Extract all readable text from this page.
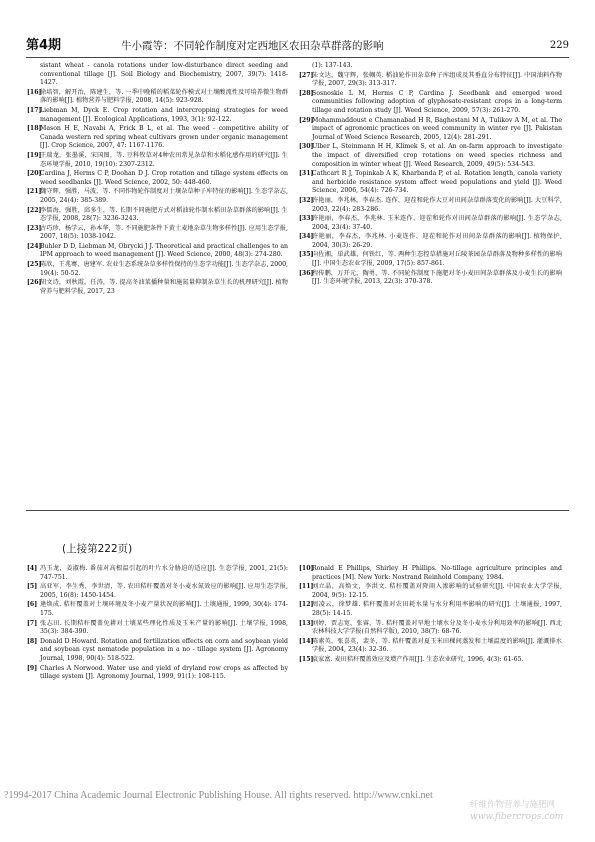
第4期	牛小霞等：不同轮作制度对定西地区农田杂草群落的影响	229
sistant wheat - canola rotations under low-disturbance direct seeding and conventional tillage [J]. Soil Biology and Biochemistry, 2007, 39(7): 1418-1427.
[16]
徐培智，解开治，陈建生，等. 一季中晚稻的稻菜轮作模式对土壤酸流性及可培养微生物群落的影响[J]. 植物营养与肥料学报, 2008, 14(5): 923-928.
[17]
Liebman M, Dyck E. Crop rotation and intercropping strategies for weed management [J]. Ecological Applications, 1993, 3(1): 92-122.
[18]
Mason H E, Navabi A, Frick B L, et al. The weed - competitive ability of Canada western red spring wheat cultivars grown under organic management [J]. Crop Science, 2007, 47: 1167-1176.
[19]
王瑞龙，张墨溪，宋国图，等. 豆科牧草对4种农田常见杂草和水稻化感作用的研究[J]. 生态环境学报, 2010, 19(10): 2307-2312.
[20]
Cardina J, Herms C P, Doohan D J. Crop rotation and tillage system effects on weed seedbanks [J]. Weed Science, 2002, 50: 448-460.
[21]
魏守辉，强胜，马波，等. 不同作物轮作制度对土壤杂草种子库特征的影响[J]. 生态学杂志, 2005, 24(4): 385-389.
[22]
李儒海，强胜，邱多生，等. 长期不同施肥方式对稻油轮作制水稻田杂草群落的影响[J]. 生态学报, 2008, 28(7): 3236-3243.
[23]
古巧珍，杨学云，孙本华，等. 不同施肥条件下黄土麦地杂草生物多样性[J]. 应用生态学报, 2007, 18(5): 1038-1042.
[24]
Buhler D D, Liebman M, Obrycki J J. Theoretical and practical challenges to an IPM approach to weed management [J]. Weed Science, 2000, 48(3): 274-280.
[25]
陈欣，王兆骞，唐建军. 农业生态系统杂草多样性保持的生态学功能[J]. 生态学杂志, 2000, 19(4): 50-52.
[26]
胡文诗，刘秋霞，任涛，等. 提高冬油菜播种量和施氮量抑制杂草生长的机理研究[J]. 植物营养与肥料学报, 2017, 23
(1): 137-143.
[27]
朱文达，魏守辉，张帼英. 稻油轮作田杂草种子库组成及其垂直分布特征[J]. 中国油料作物学报, 2007, 29(3): 313-317.
[28]
Sosnoskie L M, Herms C P, Cardina J. Seedbank and emerged weed communities following adoption of glyphosate-resistant crops in a long-term tillage and rotation study [J]. Weed Science, 2009, 57(3): 261-270.
[29]
Mohammaddoust e Chamanabad H R, Baghestani M A, Tulikov A M, et al. The impact of agronomic practices on weed community in winter rye [J]. Pakistan Journal of Weed Science Research, 2005, 12(4): 281-291.
[30]
Ulber L, Steinmann H H, Klimek S, et al. An on-farm approach to investigate the impact of diversified crop rotations on weed species richness and composition in winter wheat [J]. Weed Research, 2009, 49(5): 534-543.
[31]
Cathcart R J, Topinkab A K, Kharbanda P, et al. Rotation length, canola variety and herbicide resistance system affect weed populations and yield [J]. Weed Science, 2006, 54(4): 726-734.
[32]
许艳丽，李兆林，李春杰. 连作、迎茬和轮作大豆对田间杂草群落变化的影响[J]. 大豆科学, 2003, 22(4): 283-286.
[33]
许艳丽，李春杰，李兆林. 玉米连作、迎茬和轮作对田间杂草群落的影响[J]. 生态学杂志, 2004, 23(4): 37-40.
[34]
许艳丽，李春杰，李兆林. 小麦连作、迎茬和轮作对田间杂草群落的影响[J]. 植物保护, 2004, 30(3): 26-29.
[35]
向佐湘，単武雄，何铁红，等. 两种生态控草措施对丘陵茶园杂草群落及物种多样性的影响[J]. 中国生态农业学报, 2009, 17(5): 857-861.
[36]
程传鹏，万开元，陶勇，等. 不同轮作制度下施肥对冬小麦田间杂草群落及小麦生长的影响[J]. 生态环境学报, 2013, 22(3): 370-378.
(上接第222页)
[4] 冯玉龙，姜淑梅. 番茄对高根温引起的叶片水分胁迫的适应[J]. 生态学报, 2001, 21(5): 747-751.
[5] 高亚军，李生秀，李世清，等. 农田秸秆覆盖对冬小麦水氮效应的影响[J]. 应用生态学报, 2005, 16(8): 1450-1454.
[6] 逄焕成. 秸秆覆盖对土壤环境及冬小麦产量状况的影响[J]. 土壤通报, 1999, 30(4): 174-175.
[7] 张志田. 长期秸秆覆盖免耕对土壤某些理化性质及玉米产量的影响[J]. 土壤学报, 1998, 35(3): 384-390.
[8] Donald D Howard. Rotation and fertilization effects on corn and soybean yield and soybean cyst nematode population in a no - tillage system [J]. Agronomy Journal, 1998, 90(4): 518-522.
[9] Charles A Norwood. Water use and yield of dryland row crops as affected by tillage system [J]. Agronomy Journal, 1999, 91(1): 108-115.
[10]
Ronald E Phillips, Shirley H Phillips. No-tillage agriculture principles and practices [M]. New York: Nostrand Reinhold Company, 1984.
[11]
刘立晶，高焕文，李洪文. 秸秆覆盖对降雨入渗影响的试验研究[J]. 中国农业大学学报, 2004, 9(5): 12-15.
[12]
周凌云，徐梦雄. 秸秆覆盖对农田耗水量与水分利用率影响的研究[J]. 土壤通报, 1997, 28(5): 14-15.
[13]
刘婷，贾志宽，张睿，等. 秸秆覆盖对旱地土壤水分及冬小麦水分利用效率的影响[J]. 西北农林科技大学学报(自然科学版), 2010, 38(7): 68-76.
[14]
陈素英，张喜英，裴冬，等. 秸秆覆盖对夏玉米田棵间蒸发和土壤温度的影响[J]. 灌溉排水学报, 2004, 23(4): 32-36.
[15]
袁家富. 麦田秸秆覆盖效应及增产作用[J]. 生态农业研究, 1996, 4(3): 61-65.
?1994-2017 China Academic Journal Electronic Publishing House. All rights reserved. http://www.cnki.net
纤维作物营养与施肥网
www.fibercrops.com
